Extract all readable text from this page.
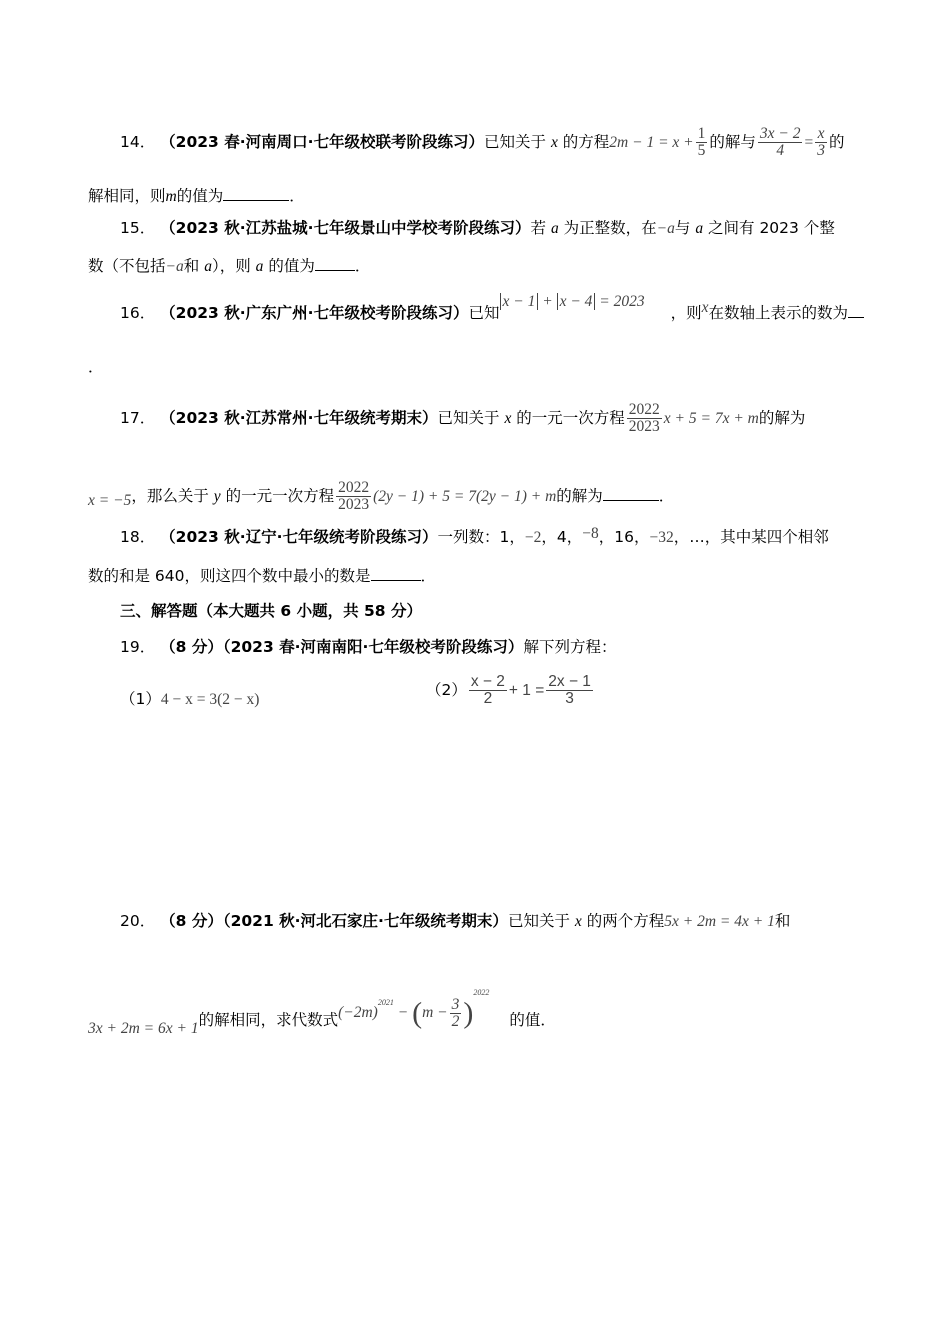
14． （2023 春·河南周口·七年级校联考阶段练习）已知关于 x 的方程$2m - 1 = x + \frac{1}{5}$ 的解与 $\frac{3x - 2}{4} = \frac{x}{3}$ 的
解相同，则m的值为	．
15． （2023 秋·江苏盐城·七年级景山中学校考阶段练习）若 a 为正整数，在−a与 a 之间有 2023 个整
数（不包括−a和 a），则 a 的值为	．
16． （2023 秋·广东广州·七年级校考阶段练习）已知x − 1 + x − 4 = 2023，则x在数轴上表示的数为
．
17． （2023 秋·江苏常州·七年级统考期末）已知关于 x 的一元一次方程 $\frac{2022}{2023}$ x + 5 = 7x + m的解为
x = −5，那么关于 y 的一元一次方程 $\frac{2022}{2023} (2y - 1) + 5 = 7(2y - 1) + m$的解为	．
18． （2023 秋·辽宁·七年级统考阶段练习）一列数：1，−2，4，−8，16，−32，…，其中某四个相邻
数的和是 640，则这四个数中最小的数是	．
三、解答题（本大题共 6 小题，共 58 分）
19． （8 分）（2023 春·河南南阳·七年级校考阶段练习）解下列方程：
（1）4 − x = 3(2 − x)
$(2) \frac{x - 2}{2} + 1 = \frac{2x - 1}{3}$
20． （8 分）（2021 秋·河北石家庄·七年级统考期末）已知关于 x 的两个方程5x + 2m = 4x + 1和
3x + 2m = 6x + 1的解相同，求代数式$(-2m)^{2021} - (m - \frac{3}{2} )^{2022}$的值．
